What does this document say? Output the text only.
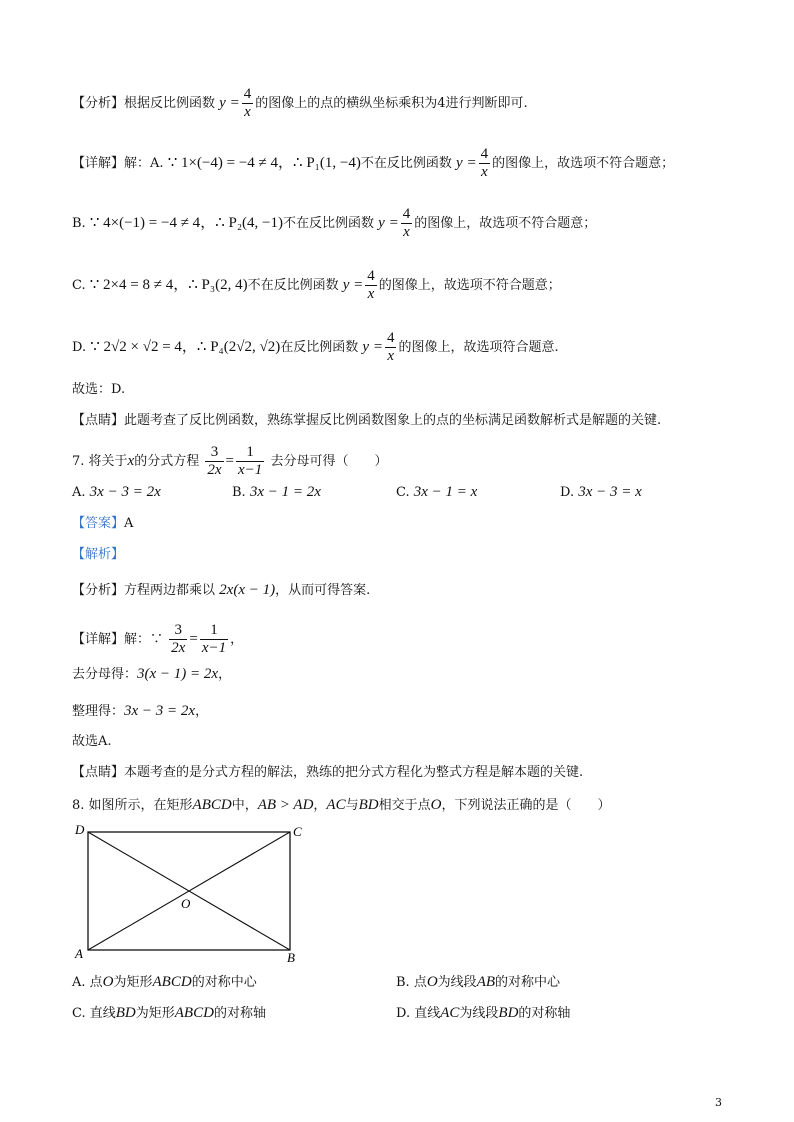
【分析】根据反比例函数 $y = \frac{4}{x}$ 的图像上的点的横纵坐标乘积为4进行判断即可.
【详解】解：A. ∵ 1×(−4) = −4 ≠ 4，∴ P₁(1, −4)不在反比例函数 $y = \frac{4}{x}$ 的图像上，故选项不符合题意；
B. ∵ 4×(−1) = −4 ≠ 4，∴ P₂(4, −1)不在反比例函数 $y = \frac{4}{x}$ 的图像上，故选项不符合题意；
C. ∵ 2×4 = 8 ≠ 4，∴ P₃(2, 4)不在反比例函数 $y = \frac{4}{x}$ 的图像上，故选项不符合题意；
D. ∵ 2√2 × √2 = 4，∴ P₄(2√2, √2)在反比例函数 $y = \frac{4}{x}$ 的图像上，故选项符合题意.
故选：D.
【点睛】此题考查了反比例函数，熟练掌握反比例函数图象上的点的坐标满足函数解析式是解题的关键.
7. 将关于x的分式方程 $\frac{3}{2x} = \frac{1}{x-1}$ 去分母可得（　　）
A. 3x − 3 = 2x	B. 3x − 1 = 2x	C. 3x − 1 = x	D. 3x − 3 = x
【答案】A
【解析】
【分析】方程两边都乘以 2x(x − 1)，从而可得答案.
【详解】解：∵ $\frac{3}{2x} = \frac{1}{x-1}$ ，
去分母得：3(x − 1) = 2x，
整理得：3x − 3 = 2x，
故选A.
【点睛】本题考查的是分式方程的解法，熟练的把分式方程化为整式方程是解本题的关键.
8. 如图所示，在矩形ABCD中，AB > AD，AC与BD相交于点O，下列说法正确的是（　　）
D	C
A	B
O
A. 点O为矩形ABCD的对称中心	B. 点O为线段AB的对称中心
C. 直线BD为矩形ABCD的对称轴	D. 直线AC为线段BD的对称轴
3
